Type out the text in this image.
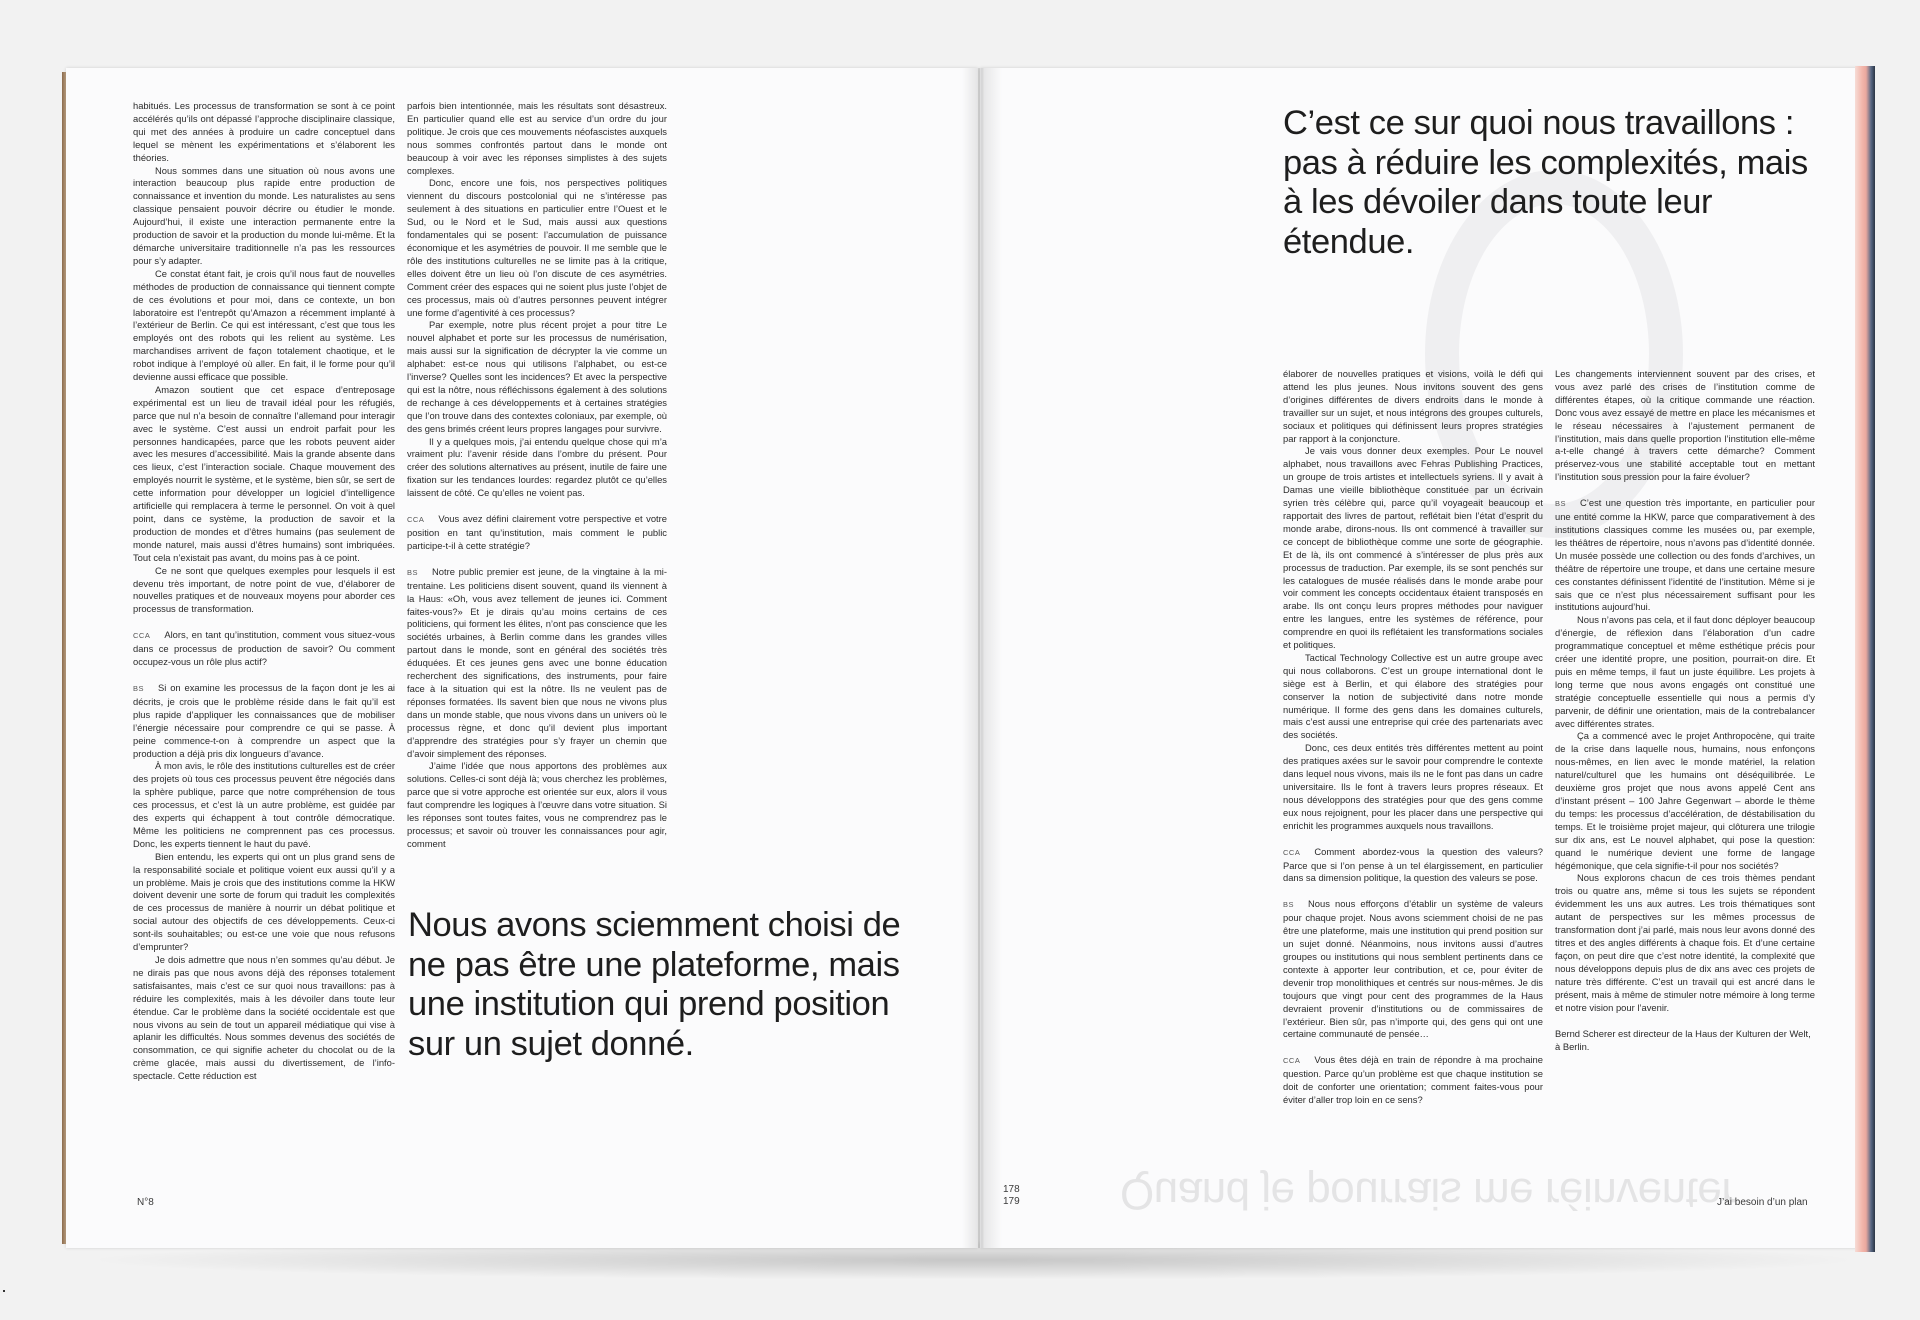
Quand je pourrais me réinventer

habitués. Les processus de transformation se sont à ce point accélérés qu’ils ont dépassé l’approche disciplinaire classique, qui met des années à produire un cadre conceptuel dans lequel se mènent les expérimentations et s’élaborent les théories.

Nous sommes dans une situation où nous avons une interaction beaucoup plus rapide entre production de connaissance et invention du monde. Les naturalistes au sens classique pensaient pouvoir décrire ou étudier le monde. Aujourd’hui, il existe une interaction permanente entre la production de savoir et la production du monde lui-même. Et la démarche universitaire traditionnelle n’a pas les ressources pour s’y adapter.

Ce constat étant fait, je crois qu’il nous faut de nouvelles méthodes de production de connaissance qui tiennent compte de ces évolutions et pour moi, dans ce contexte, un bon laboratoire est l’entrepôt qu’Amazon a récemment implanté à l’extérieur de Berlin. Ce qui est intéressant, c’est que tous les employés ont des robots qui les relient au système. Les marchandises arrivent de façon totalement chaotique, et le robot indique à l’employé où aller. En fait, il le forme pour qu’il devienne aussi efficace que possible.

Amazon soutient que cet espace d’entreposage expérimental est un lieu de travail idéal pour les réfugiés, parce que nul n’a besoin de connaître l’allemand pour interagir avec le système. C’est aussi un endroit parfait pour les personnes handicapées, parce que les robots peuvent aider avec les mesures d’accessibilité. Mais la grande absente dans ces lieux, c’est l’interaction sociale. Chaque mouvement des employés nourrit le système, et le système, bien sûr, se sert de cette information pour développer un logiciel d’intelligence artificielle qui remplacera à terme le personnel. On voit à quel point, dans ce système, la production de savoir et la production de mondes et d’êtres humains (pas seulement de monde naturel, mais aussi d’êtres humains) sont imbriquées. Tout cela n’existait pas avant, du moins pas à ce point.

Ce ne sont que quelques exemples pour lesquels il est devenu très important, de notre point de vue, d’élaborer de nouvelles pratiques et de nouveaux moyens pour aborder ces processus de transformation.

CCA Alors, en tant qu’institution, comment vous situez-vous dans ce processus de production de savoir? Ou comment occupez-vous un rôle plus actif?

BS Si on examine les processus de la façon dont je les ai décrits, je crois que le problème réside dans le fait qu’il est plus rapide d’appliquer les connaissances que de mobiliser l’énergie nécessaire pour comprendre ce qui se passe. À peine commence-t-on à comprendre un aspect que la production a déjà pris dix longueurs d’avance.

À mon avis, le rôle des institutions culturelles est de créer des projets où tous ces processus peuvent être négociés dans la sphère publique, parce que notre compréhension de tous ces processus, et c’est là un autre problème, est guidée par des experts qui échappent à tout contrôle démocratique. Même les politiciens ne comprennent pas ces processus. Donc, les experts tiennent le haut du pavé.

Bien entendu, les experts qui ont un plus grand sens de la responsabilité sociale et politique voient eux aussi qu’il y a un problème. Mais je crois que des institutions comme la HKW doivent devenir une sorte de forum qui traduit les complexités de ces processus de manière à nourrir un débat politique et social autour des objectifs de ces développements. Ceux-ci sont-ils souhaitables; ou est-ce une voie que nous refusons d’emprunter?

Je dois admettre que nous n’en sommes qu’au début. Je ne dirais pas que nous avons déjà des réponses totalement satisfaisantes, mais c’est ce sur quoi nous travaillons: pas à réduire les complexités, mais à les dévoiler dans toute leur étendue. Car le problème dans la société occidentale est que nous vivons au sein de tout un appareil médiatique qui vise à aplanir les difficultés. Nous sommes devenus des sociétés de consommation, ce qui signifie acheter du chocolat ou de la crème glacée, mais aussi du divertissement, de l’info-spectacle. Cette réduction est

parfois bien intentionnée, mais les résultats sont désastreux. En particulier quand elle est au service d’un ordre du jour politique. Je crois que ces mouvements néofascistes auxquels nous sommes confrontés partout dans le monde ont beaucoup à voir avec les réponses simplistes à des sujets complexes.

Donc, encore une fois, nos perspectives politiques viennent du discours postcolonial qui ne s’intéresse pas seulement à des situations en particulier entre l’Ouest et le Sud, ou le Nord et le Sud, mais aussi aux questions fondamentales qui se posent: l’accumulation de puissance économique et les asymétries de pouvoir. Il me semble que le rôle des institutions culturelles ne se limite pas à la critique, elles doivent être un lieu où l’on discute de ces asymétries. Comment créer des espaces qui ne soient plus juste l’objet de ces processus, mais où d’autres personnes peuvent intégrer une forme d’agentivité à ces processus?

Par exemple, notre plus récent projet a pour titre Le nouvel alphabet et porte sur les processus de numérisation, mais aussi sur la signification de décrypter la vie comme un alphabet: est-ce nous qui utilisons l’alphabet, ou est-ce l’inverse? Quelles sont les incidences? Et avec la perspective qui est la nôtre, nous réfléchissons également à des solutions de rechange à ces développements et à certaines stratégies que l’on trouve dans des contextes coloniaux, par exemple, où des gens brimés créent leurs propres langages pour survivre.

Il y a quelques mois, j’ai entendu quelque chose qui m’a vraiment plu: l’avenir réside dans l’ombre du présent. Pour créer des solutions alternatives au présent, inutile de faire une fixation sur les tendances lourdes: regardez plutôt ce qu’elles laissent de côté. Ce qu’elles ne voient pas.

CCA Vous avez défini clairement votre perspective et votre position en tant qu’institution, mais comment le public participe-t-il à cette stratégie?

BS Notre public premier est jeune, de la vingtaine à la mi-trentaine. Les politiciens disent souvent, quand ils viennent à la Haus: «Oh, vous avez tellement de jeunes ici. Comment faites-vous?» Et je dirais qu’au moins certains de ces politiciens, qui forment les élites, n’ont pas conscience que les sociétés urbaines, à Berlin comme dans les grandes villes partout dans le monde, sont en général des sociétés très éduquées. Et ces jeunes gens avec une bonne éducation recherchent des significations, des instruments, pour faire face à la situation qui est la nôtre. Ils ne veulent pas de réponses formatées. Ils savent bien que nous ne vivons plus dans un monde stable, que nous vivons dans un univers où le processus règne, et donc qu’il devient plus important d’apprendre des stratégies pour s’y frayer un chemin que d’avoir simplement des réponses.

J’aime l’idée que nous apportons des problèmes aux solutions. Celles-ci sont déjà là; vous cherchez les problèmes, parce que si votre approche est orientée sur eux, alors il vous faut comprendre les logiques à l’œuvre dans votre situation. Si les réponses sont toutes faites, vous ne comprendrez pas le processus; et savoir où trouver les connaissances pour agir, comment

Nous avons sciemment choisi de ne pas être une plateforme, mais une institution qui prend position sur un sujet donné.
N°8
C’est ce sur quoi nous travaillons : pas à réduire les complexités, mais à les dévoiler dans toute leur étendue.

élaborer de nouvelles pratiques et visions, voilà le défi qui attend les plus jeunes. Nous invitons souvent des gens d’origines différentes de divers endroits dans le monde à travailler sur un sujet, et nous intégrons des groupes culturels, sociaux et politiques qui définissent leurs propres stratégies par rapport à la conjoncture.

Je vais vous donner deux exemples. Pour Le nouvel alphabet, nous travaillons avec Fehras Publishing Practices, un groupe de trois artistes et intellectuels syriens. Il y avait à Damas une vieille bibliothèque constituée par un écrivain syrien très célèbre qui, parce qu’il voyageait beaucoup et rapportait des livres de partout, reflétait bien l’état d’esprit du monde arabe, dirons-nous. Ils ont commencé à travailler sur ce concept de bibliothèque comme une sorte de géographie. Et de là, ils ont commencé à s’intéresser de plus près aux processus de traduction. Par exemple, ils se sont penchés sur les catalogues de musée réalisés dans le monde arabe pour voir comment les concepts occidentaux étaient transposés en arabe. Ils ont conçu leurs propres méthodes pour naviguer entre les langues, entre les systèmes de référence, pour comprendre en quoi ils reflétaient les transformations sociales et politiques.

Tactical Technology Collective est un autre groupe avec qui nous collaborons. C’est un groupe international dont le siège est à Berlin, et qui élabore des stratégies pour conserver la notion de subjectivité dans notre monde numérique. Il forme des gens dans les domaines culturels, mais c’est aussi une entreprise qui crée des partenariats avec des sociétés.

Donc, ces deux entités très différentes mettent au point des pratiques axées sur le savoir pour comprendre le contexte dans lequel nous vivons, mais ils ne le font pas dans un cadre universitaire. Ils le font à travers leurs propres réseaux. Et nous développons des stratégies pour que des gens comme eux nous rejoignent, pour les placer dans une perspective qui enrichit les programmes auxquels nous travaillons.

CCA Comment abordez-vous la question des valeurs? Parce que si l’on pense à un tel élargissement, en particulier dans sa dimension politique, la question des valeurs se pose.

BS Nous nous efforçons d’établir un système de valeurs pour chaque projet. Nous avons sciemment choisi de ne pas être une plateforme, mais une institution qui prend position sur un sujet donné. Néanmoins, nous invitons aussi d’autres groupes ou institutions qui nous semblent pertinents dans ce contexte à apporter leur contribution, et ce, pour éviter de devenir trop monolithiques et centrés sur nous-mêmes. Je dis toujours que vingt pour cent des programmes de la Haus devraient provenir d’institutions ou de commissaires de l’extérieur. Bien sûr, pas n’importe qui, des gens qui ont une certaine communauté de pensée…

CCA Vous êtes déjà en train de répondre à ma prochaine question. Parce qu’un problème est que chaque institution se doit de conforter une orientation; comment faites-vous pour éviter d’aller trop loin en ce sens?

Les changements interviennent souvent par des crises, et vous avez parlé des crises de l’institution comme de différentes étapes, où la critique commande une réaction. Donc vous avez essayé de mettre en place les mécanismes et le réseau nécessaires à l’ajustement permanent de l’institution, mais dans quelle proportion l’institution elle-même a-t-elle changé à travers cette démarche? Comment préservez-vous une stabilité acceptable tout en mettant l’institution sous pression pour la faire évoluer?

BS C’est une question très importante, en particulier pour une entité comme la HKW, parce que comparativement à des institutions classiques comme les musées ou, par exemple, les théâtres de répertoire, nous n’avons pas d’identité donnée. Un musée possède une collection ou des fonds d’archives, un théâtre de répertoire une troupe, et dans une certaine mesure ces constantes définissent l’identité de l’institution. Même si je sais que ce n’est plus nécessairement suffisant pour les institutions aujourd’hui.

Nous n’avons pas cela, et il faut donc déployer beaucoup d’énergie, de réflexion dans l’élaboration d’un cadre programmatique conceptuel et même esthétique précis pour créer une identité propre, une position, pourrait-on dire. Et puis en même temps, il faut un juste équilibre. Les projets à long terme que nous avons engagés ont constitué une stratégie conceptuelle essentielle qui nous a permis d’y parvenir, de définir une orientation, mais de la contrebalancer avec différentes strates.

Ça a commencé avec le projet Anthropocène, qui traite de la crise dans laquelle nous, humains, nous enfonçons nous-mêmes, en lien avec le monde matériel, la relation naturel/culturel que les humains ont déséquilibrée. Le deuxième gros projet que nous avons appelé Cent ans d’instant présent – 100 Jahre Gegenwart – aborde le thème du temps: les processus d’accélération, de déstabilisation du temps. Et le troisième projet majeur, qui clôturera une trilogie sur dix ans, est Le nouvel alphabet, qui pose la question: quand le numérique devient une forme de langage hégémonique, que cela signifie-t-il pour nos sociétés?

Nous explorons chacun de ces trois thèmes pendant trois ou quatre ans, même si tous les sujets se répondent évidemment les uns aux autres. Les trois thématiques sont autant de perspectives sur les mêmes processus de transformation dont j’ai parlé, mais nous leur avons donné des titres et des angles différents à chaque fois. Et d’une certaine façon, on peut dire que c’est notre identité, la complexité que nous développons depuis plus de dix ans avec ces projets de nature très différente. C’est un travail qui est ancré dans le présent, mais à même de stimuler notre mémoire à long terme et notre vision pour l’avenir.

Bernd Scherer est directeur de la Haus der Kulturen der Welt, à Berlin.

178
179	J’ai besoin d’un plan
